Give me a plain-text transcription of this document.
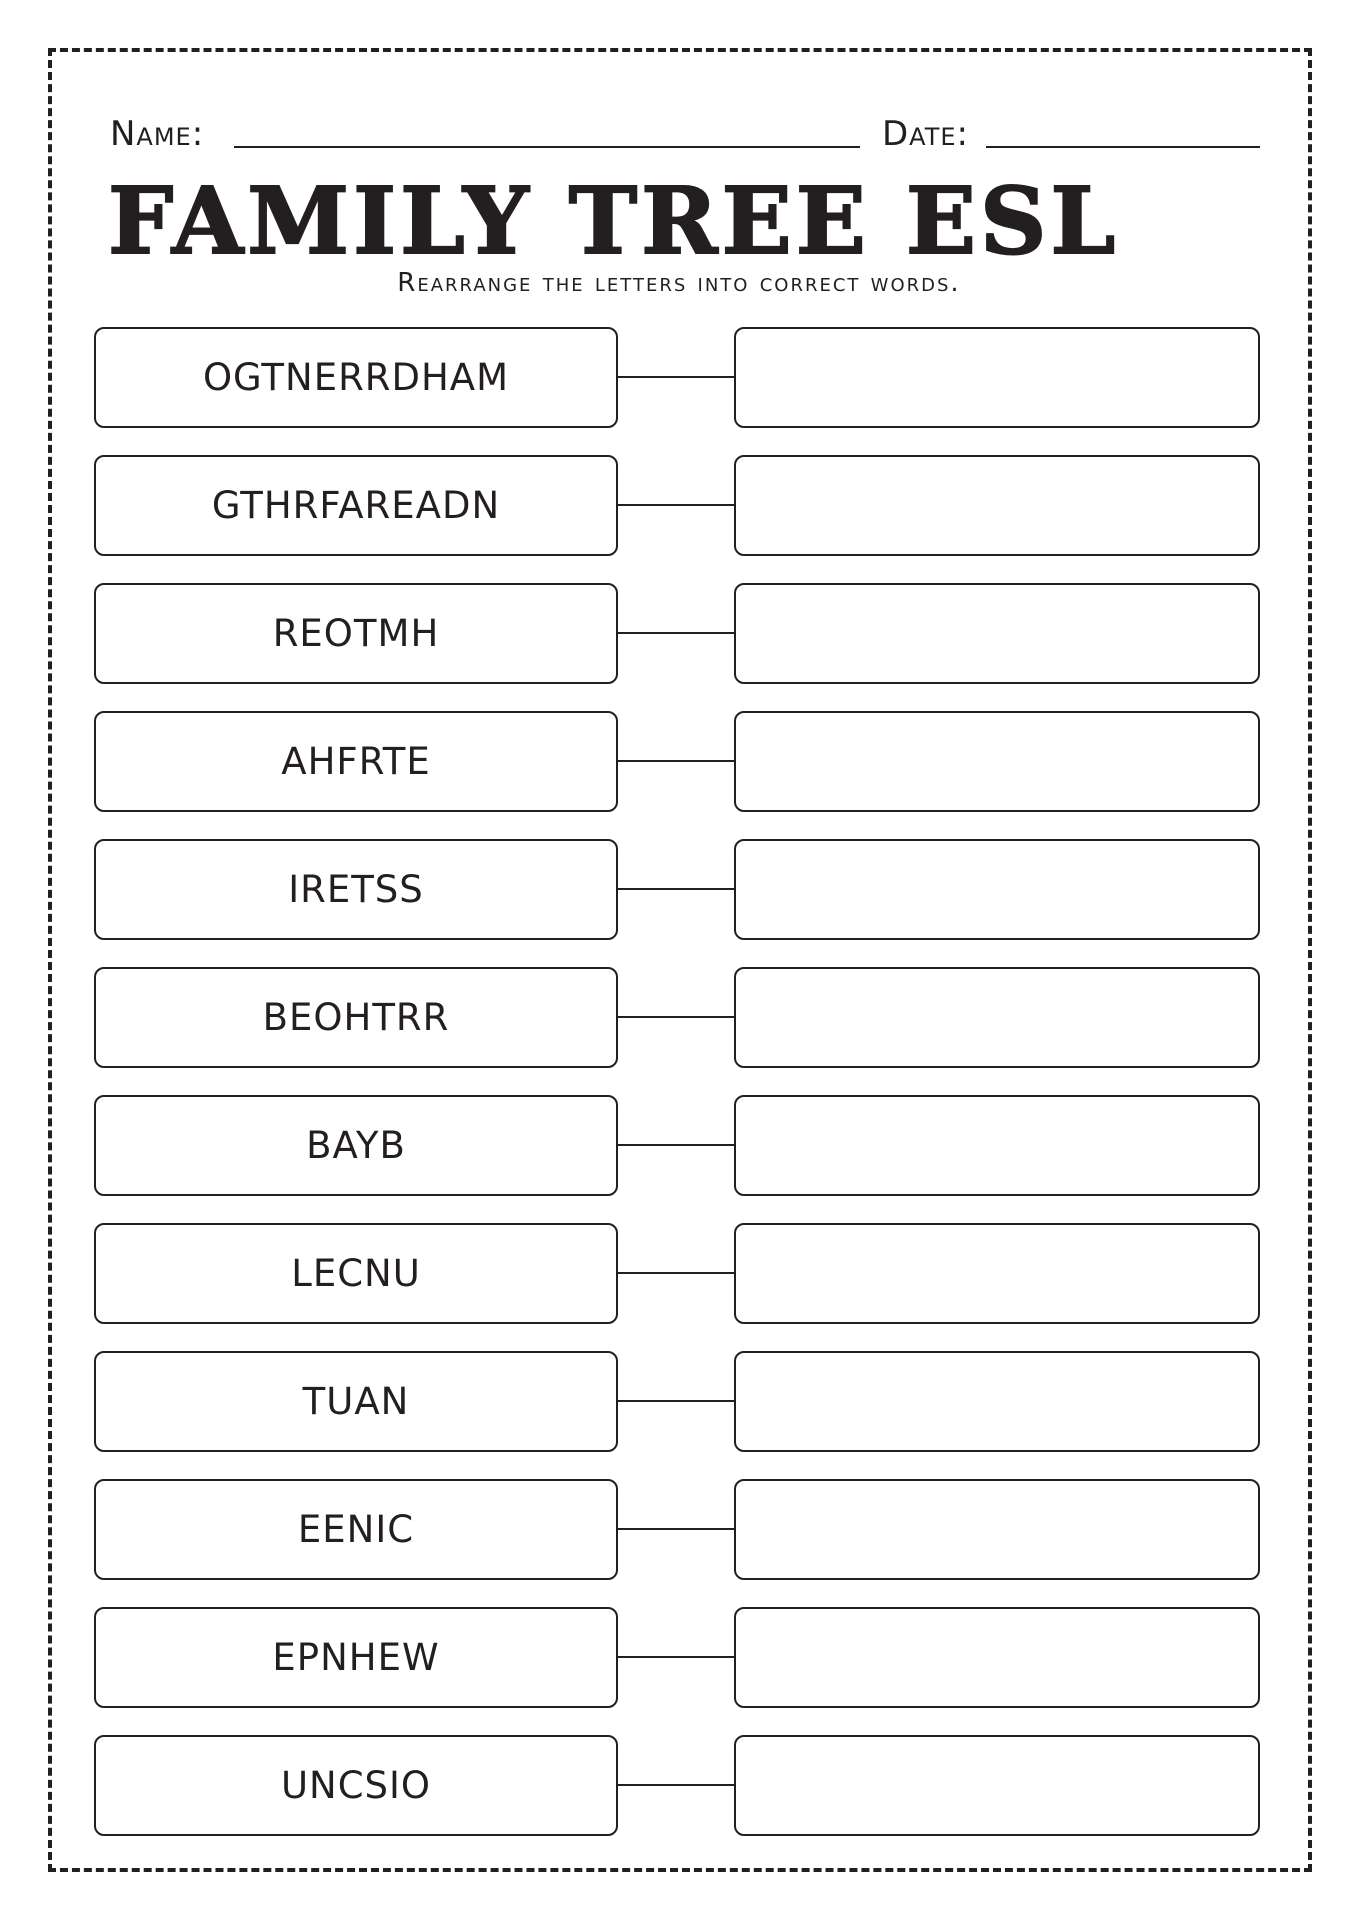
Name:	Date:
FAMILY TREE ESL
Rearrange the letters into correct words.
OGTNERRDHAM
GTHRFAREADN
REOTMH
AHFRTE
IRETSS
BEOHTRR
BAYB
LECNU
TUAN
EENIC
EPNHEW
UNCSIO
